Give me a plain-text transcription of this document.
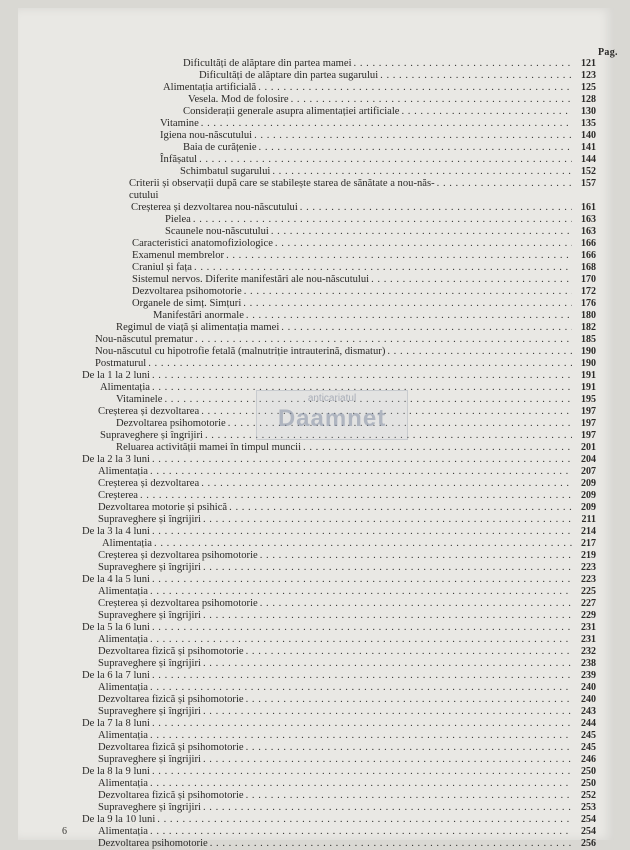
Pag.
Dificultăți de alăptare din partea mamei . . .	121
Dificultăți de alăptare din partea sugarului . . .	123
Alimentația artificială . . .	125
Vesela. Mod de folosire . . .	128
Considerații generale asupra alimentației artificiale . . .	130
Vitamine . . .	135
Igiena nou-născutului . . .	140
Baia de curățenie . . .	141
Înfășatul . . .	144
Schimbatul sugarului . . .	152
Criterii și observații după care se stabilește starea de sănătate a nou-năs- . . .	157
cutului
Creșterea și dezvoltarea nou-născutului . . .	161
Pielea . . .	163
Scaunele nou-născutului . . .	163
Caracteristici anatomofiziologice . . .	166
Examenul membrelor . . .	166
Craniul și fața . . .	168
Sistemul nervos. Diferite manifestări ale nou-născutului . . .	170
Dezvoltarea psihomotorie . . .	172
Organele de simț. Simțuri . . .	176
Manifestări anormale . . .	180
Regimul de viață și alimentația mamei . . .	182
Nou-născutul prematur . . .	185
Nou-născutul cu hipotrofie fetală (malnutriție intrauterină, dismatur) . . .	190
Postmaturul . . .	190
De la 1 la 2 luni . . .	191
Alimentația . . .	191
Vitaminele . . .	195
Creșterea și dezvoltarea . . .	197
Dezvoltarea psihomotorie . . .	197
Supraveghere și îngrijiri . . .	197
Reluarea activității mamei în timpul muncii . . .	201
De la 2 la 3 luni . . .	204
Alimentația . . .	207
Creșterea și dezvoltarea . . .	209
Creșterea . . .	209
Dezvoltarea motorie și psihică . . .	209
Supraveghere și îngrijiri . . .	211
De la 3 la 4 luni . . .	214
Alimentația . . .	217
Creșterea și dezvoltarea psihomotorie . . .	219
Supraveghere și îngrijiri . . .	223
De la 4 la 5 luni . . .	223
Alimentația . . .	225
Creșterea și dezvoltarea psihomotorie . . .	227
Supraveghere și îngrijiri . . .	229
De la 5 la 6 luni . . .	231
Alimentația . . .	231
Dezvoltarea fizică și psihomotorie . . .	232
Supraveghere și îngrijiri . . .	238
De la 6 la 7 luni . . .	239
Alimentația . . .	240
Dezvoltarea fizică și psihomotorie . . .	240
Supraveghere și îngrijiri . . .	243
De la 7 la 8 luni . . .	244
Alimentația . . .	245
Dezvoltarea fizică și psihomotorie . . .	245
Supraveghere și îngrijiri . . .	246
De la 8 la 9 luni . . .	250
Alimentația . . .	250
Dezvoltarea fizică și psihomotorie . . .	252
Supraveghere și îngrijiri . . .	253
De la 9 la 10 luni . . .	254
Alimentația . . .	254
Dezvoltarea psihomotorie . . .	256
anticariatul
Daamnet
6
